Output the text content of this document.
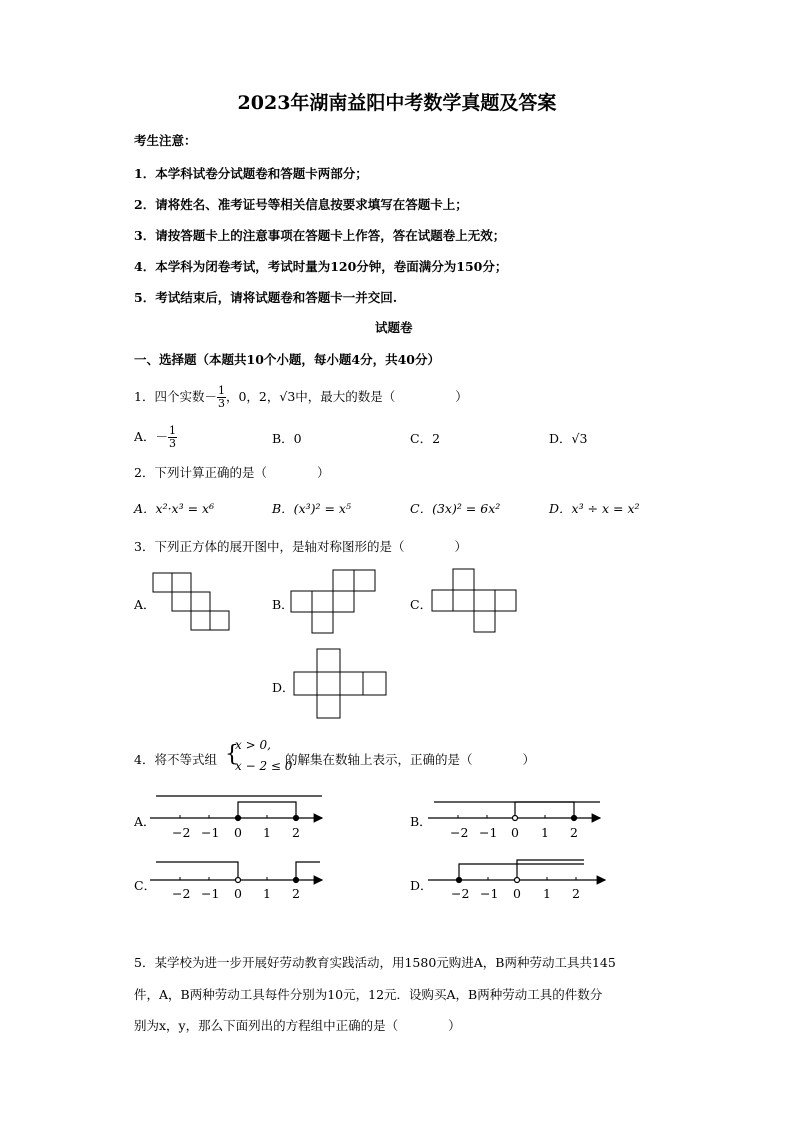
2023年湖南益阳中考数学真题及答案
考生注意：
1．本学科试卷分试题卷和答题卡两部分；
2．请将姓名、准考证号等相关信息按要求填写在答题卡上；
3．请按答题卡上的注意事项在答题卡上作答，答在试题卷上无效；
4．本学科为闭卷考试，考试时量为120分钟，卷面满分为150分；
5．考试结束后，请将试题卷和答题卡一并交回.
试题卷
一、选择题（本题共10个小题，每小题4分，共40分）
1．四个实数－ $\frac{1}{3}$ ，0，2，√3中，最大的数是（	）
A．－ $\frac{1}{3}$	B．0	C．2	D．√3
2．下列计算正确的是（　　　　）
A．x²·x³ = x⁶	B．(x³)² = x⁵	C．(3x)² = 6x²	D．x³ ÷ x = x²
3．下列正方体的展开图中，是轴对称图形的是（　　　　）
A．	B．	C．
D．
4．将不等式组 {
x > 0,
x − 2 ≤ 0
的解集在数轴上表示，正确的是（　　　　）
A．	B．
C．	D．
−2 −1 0 1 2	−2 −1 0 1 2
−2 −1 0 1 2	−2 −1 0 1 2
5．某学校为进一步开展好劳动教育实践活动，用1580元购进A，B两种劳动工具共145
件，A，B两种劳动工具每件分别为10元，12元．设购买A，B两种劳动工具的件数分
别为x，y，那么下面列出的方程组中正确的是（　　　　）
